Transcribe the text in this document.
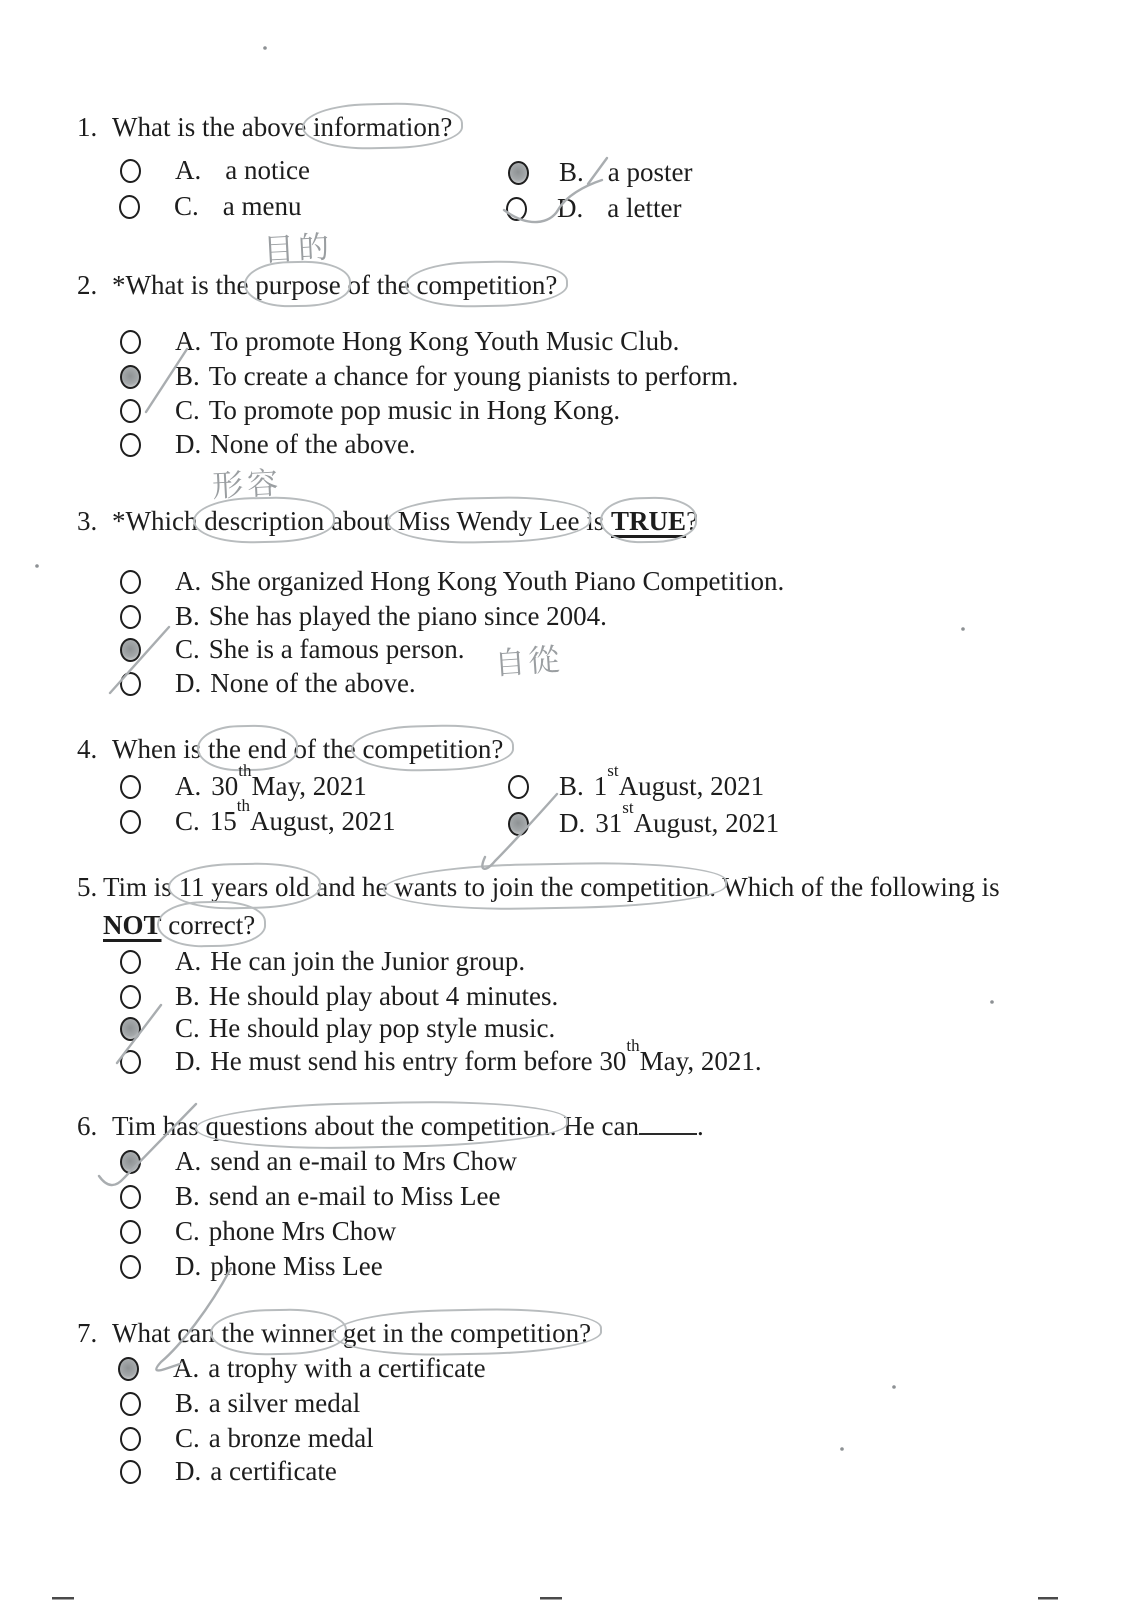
1. What is the above information?
A. a notice	B. a poster
C. a menu	D. a letter
2. *What is the purpose
目的
of the competition?
A. To promote Hong Kong Youth Music Club.
B. To create a chance for young pianists to perform.
C. To promote pop music in Hong Kong.
D. None of the above.
3. *Which description
形容
about Miss Wendy Lee is TRUE?
A. She organized Hong Kong Youth Piano Competition.
B. She has played the piano since 2004.
C. She is a famous person. 自從
D. None of the above.
4. When is the end of the competition?
A. 30
th
May, 2021	B. 1
st
August, 2021
C. 15
th
August, 2021	D. 31
st
August, 2021
5. Tim is 11 years old and he wants to join the competition. Which of the following is
NOT correct?
A. He can join the Junior group.
B. He should play about 4 minutes.
C. He should play pop style music.
D. He must send his entry form before 30
th
May, 2021.
6. Tim has questions about the competition. He can .
A. send an e-mail to Mrs Chow
B. send an e-mail to Miss Lee
C. phone Mrs Chow
D. phone Miss Lee
7. What can the winner get in the competition?
A. a trophy with a certificate
B. a silver medal
C. a bronze medal
D. a certificate
